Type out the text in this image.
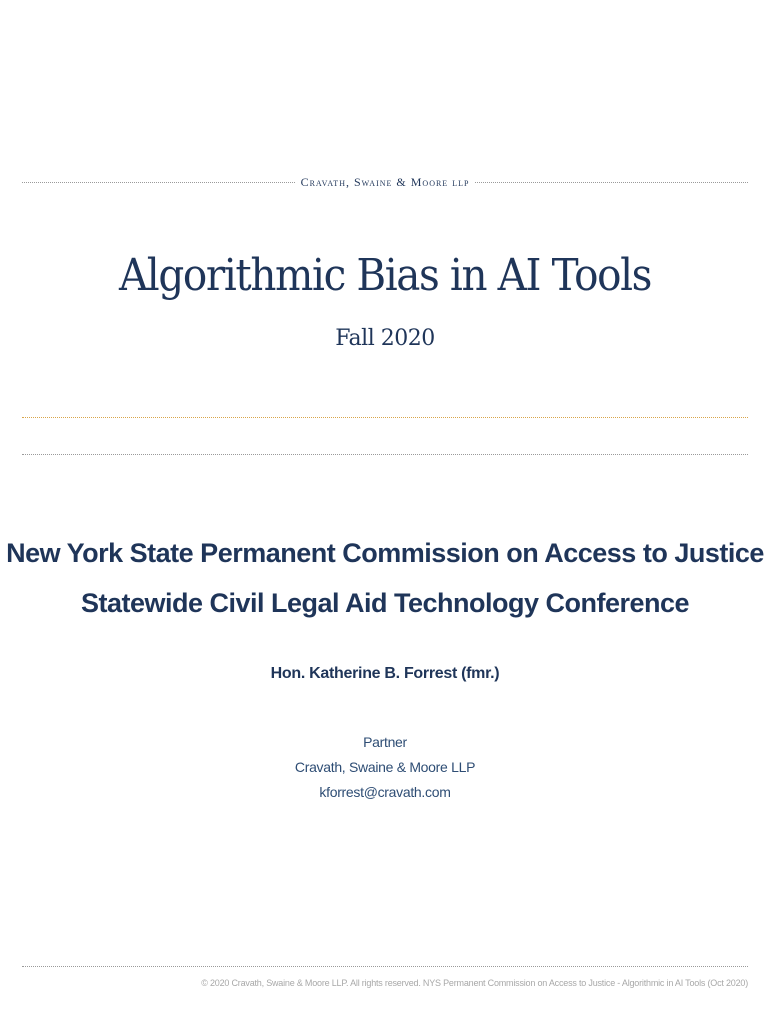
Cravath, Swaine & Moore llp
Algorithmic Bias in AI Tools
Fall 2020
New York State Permanent Commission on Access to Justice
Statewide Civil Legal Aid Technology Conference
Hon. Katherine B. Forrest (fmr.)
Partner
Cravath, Swaine & Moore LLP
kforrest@cravath.com
© 2020 Cravath, Swaine & Moore LLP. All rights reserved. NYS Permanent Commission on Access to Justice - Algorithmic in AI Tools (Oct 2020)
